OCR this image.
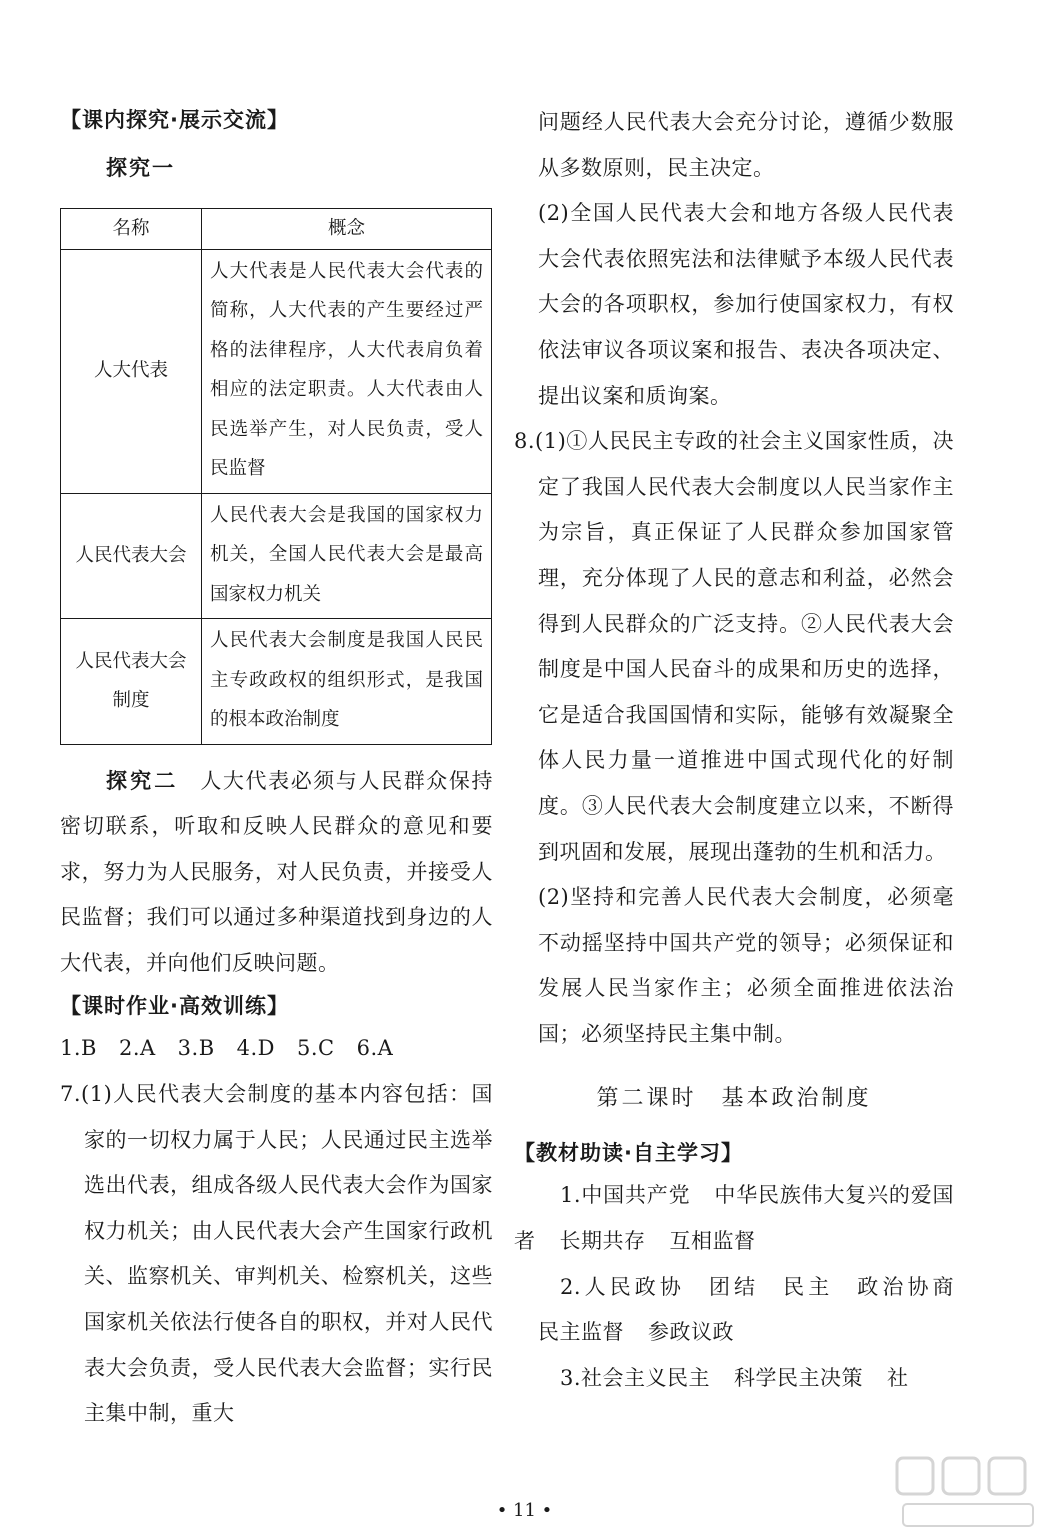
【课内探究·展示交流】
探究一
名称	概念
人大代表	人大代表是人民代表大会代表的简称，人大代表的产生要经过严格的法律程序，人大代表肩负着相应的法定职责。人大代表由人民选举产生，对人民负责，受人民监督
人民代表大会	人民代表大会是我国的国家权力机关，全国人民代表大会是最高国家权力机关
人民代表大会制度	人民代表大会制度是我国人民民主专政政权的组织形式，是我国的根本政治制度

探究二 人大代表必须与人民群众保持密切联系，听取和反映人民群众的意见和要求，努力为人民服务，对人民负责，并接受人民监督；我们可以通过多种渠道找到身边的人大代表，并向他们反映问题。

【课时作业·高效训练】

1.B 2.A 3.B 4.D 5.C 6.A

7.(1)人民代表大会制度的基本内容包括：国家的一切权力属于人民；人民通过民主选举选出代表，组成各级人民代表大会作为国家权力机关；由人民代表大会产生国家行政机关、监察机关、审判机关、检察机关，这些国家机关依法行使各自的职权，并对人民代表大会负责，受人民代表大会监督；实行民主集中制，重大

问题经人民代表大会充分讨论，遵循少数服从多数原则，民主决定。

(2)全国人民代表大会和地方各级人民代表大会代表依照宪法和法律赋予本级人民代表大会的各项职权，参加行使国家权力，有权依法审议各项议案和报告、表决各项决定、提出议案和质询案。

8.(1)①人民民主专政的社会主义国家性质，决定了我国人民代表大会制度以人民当家作主为宗旨，真正保证了人民群众参加国家管理，充分体现了人民的意志和利益，必然会得到人民群众的广泛支持。②人民代表大会制度是中国人民奋斗的成果和历史的选择，它是适合我国国情和实际，能够有效凝聚全体人民力量一道推进中国式现代化的好制度。③人民代表大会制度建立以来，不断得到巩固和发展，展现出蓬勃的生机和活力。

(2)坚持和完善人民代表大会制度，必须毫不动摇坚持中国共产党的领导；必须保证和发展人民当家作主；必须全面推进依法治国；必须坚持民主集中制。

第二课时　基本政治制度
【教材助读·自主学习】

1.中国共产党 中华民族伟大复兴的爱国者 长期共存 互相监督

2.人民政协 团结 民主 政治协商民主监督 参政议政

3.社会主义民主 科学民主决策 社

• 11 •
